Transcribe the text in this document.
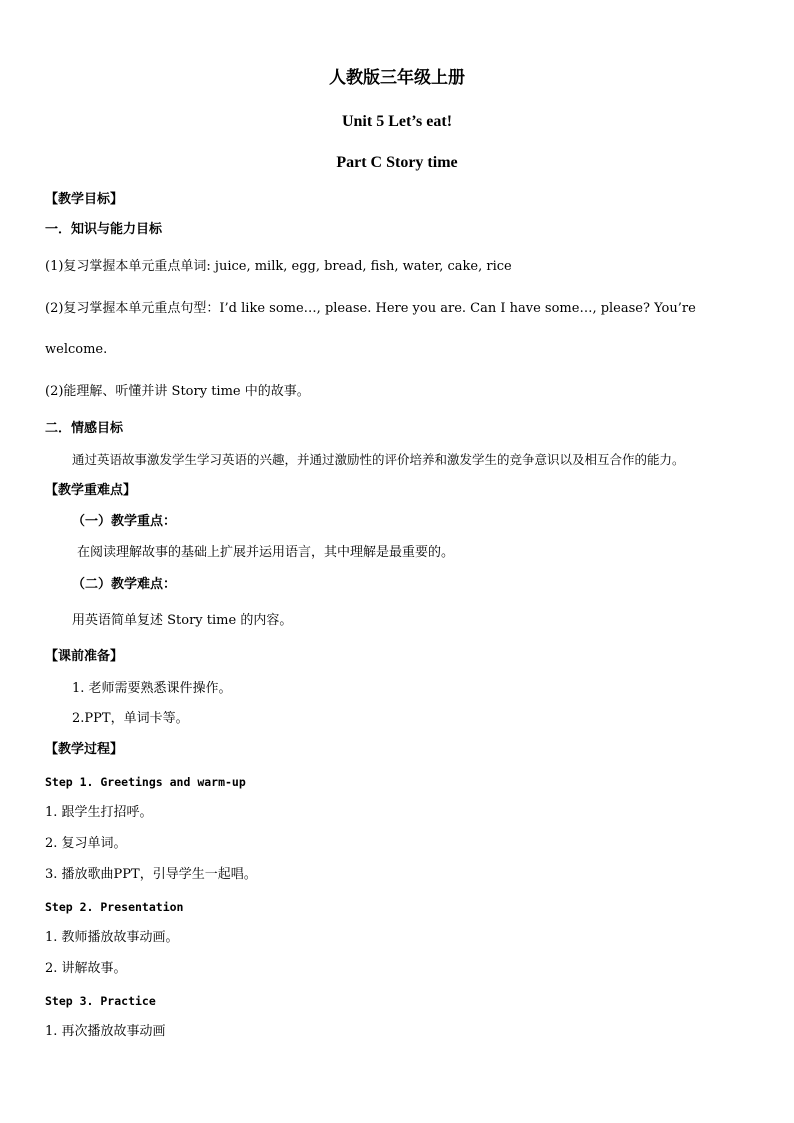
人教版三年级上册
Unit 5 Let’s eat!
Part C Story time
【教学目标】
一．知识与能力目标
(1)复习掌握本单元重点单词: juice, milk, egg, bread, fish, water, cake, rice
(2)复习掌握本单元重点句型：I’d like some…, please. Here you are. Can I have some…, please? You’re
welcome.
(2)能理解、听懂并讲 Story time 中的故事。
二．情感目标
通过英语故事激发学生学习英语的兴趣，并通过激励性的评价培养和激发学生的竞争意识以及相互合作的能力。
【教学重难点】
（一）教学重点：
在阅读理解故事的基础上扩展并运用语言，其中理解是最重要的。
（二）教学难点：
用英语简单复述 Story time 的内容。
【课前准备】
1. 老师需要熟悉课件操作。
2.PPT，单词卡等。
【教学过程】
Step 1. Greetings and warm-up
1. 跟学生打招呼。
2. 复习单词。
3. 播放歌曲PPT，引导学生一起唱。
Step 2. Presentation
1. 教师播放故事动画。
2. 讲解故事。
Step 3. Practice
1. 再次播放故事动画
